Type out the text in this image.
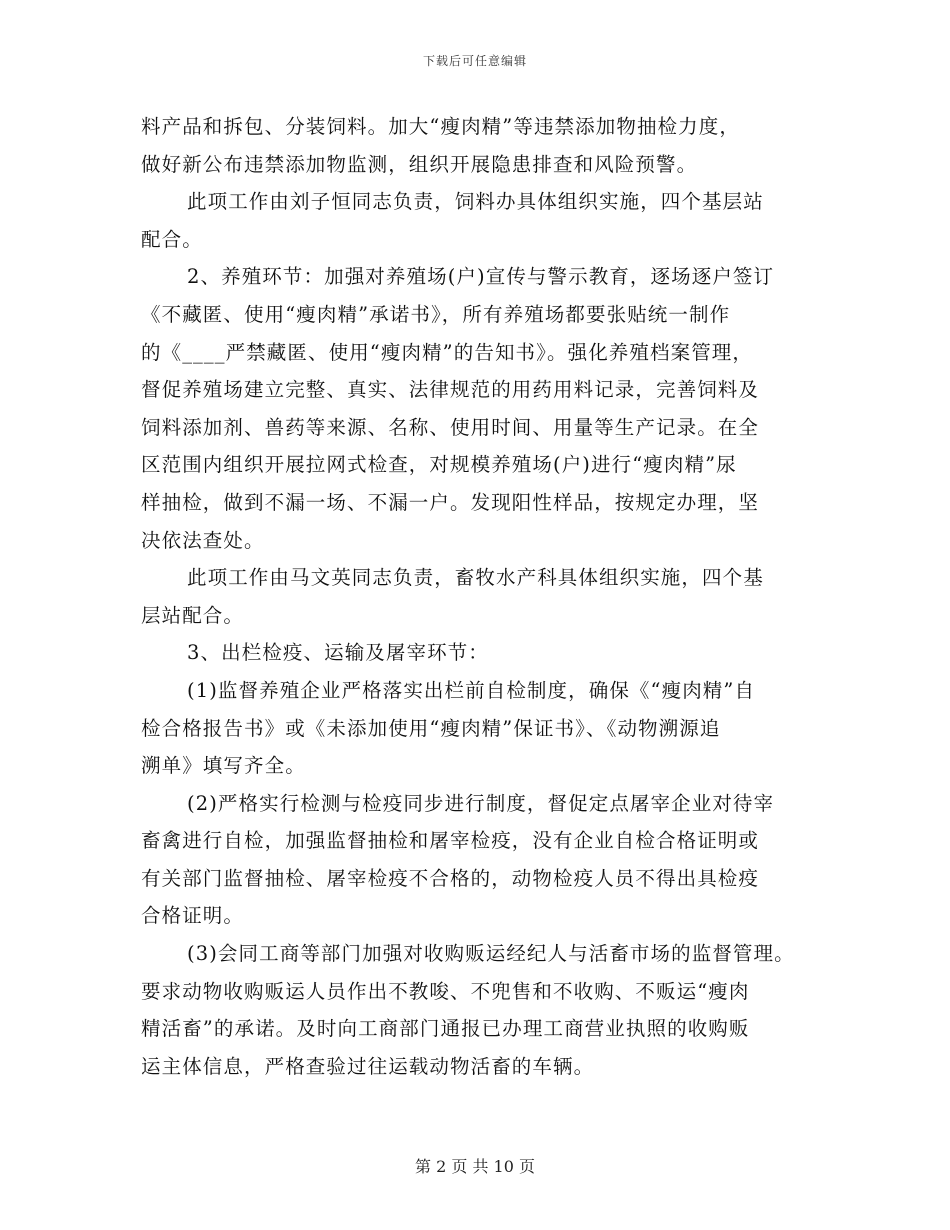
下载后可任意编辑
料产品和拆包、分装饲料。加大“瘦肉精”等违禁添加物抽检力度，
做好新公布违禁添加物监测，组织开展隐患排查和风险预警。
此项工作由刘子恒同志负责，饲料办具体组织实施，四个基层站
配合。
2、养殖环节：加强对养殖场(户)宣传与警示教育，逐场逐户签订
《不藏匿、使用“瘦肉精”承诺书》，所有养殖场都要张贴统一制作
的《____严禁藏匿、使用“瘦肉精”的告知书》。强化养殖档案管理，
督促养殖场建立完整、真实、法律规范的用药用料记录，完善饲料及
饲料添加剂、兽药等来源、名称、使用时间、用量等生产记录。在全
区范围内组织开展拉网式检查，对规模养殖场(户)进行“瘦肉精”尿
样抽检，做到不漏一场、不漏一户。发现阳性样品，按规定办理，坚
决依法查处。
此项工作由马文英同志负责，畜牧水产科具体组织实施，四个基
层站配合。
3、出栏检疫、运输及屠宰环节：
(1)监督养殖企业严格落实出栏前自检制度，确保《“瘦肉精”自
检合格报告书》或《未添加使用“瘦肉精”保证书》、《动物溯源追
溯单》填写齐全。
(2)严格实行检测与检疫同步进行制度，督促定点屠宰企业对待宰
畜禽进行自检，加强监督抽检和屠宰检疫，没有企业自检合格证明或
有关部门监督抽检、屠宰检疫不合格的，动物检疫人员不得出具检疫
合格证明。
(3)会同工商等部门加强对收购贩运经纪人与活畜市场的监督管理。
要求动物收购贩运人员作出不教唆、不兜售和不收购、不贩运“瘦肉
精活畜”的承诺。及时向工商部门通报已办理工商营业执照的收购贩
运主体信息，严格查验过往运载动物活畜的车辆。
第 2 页 共 10 页
